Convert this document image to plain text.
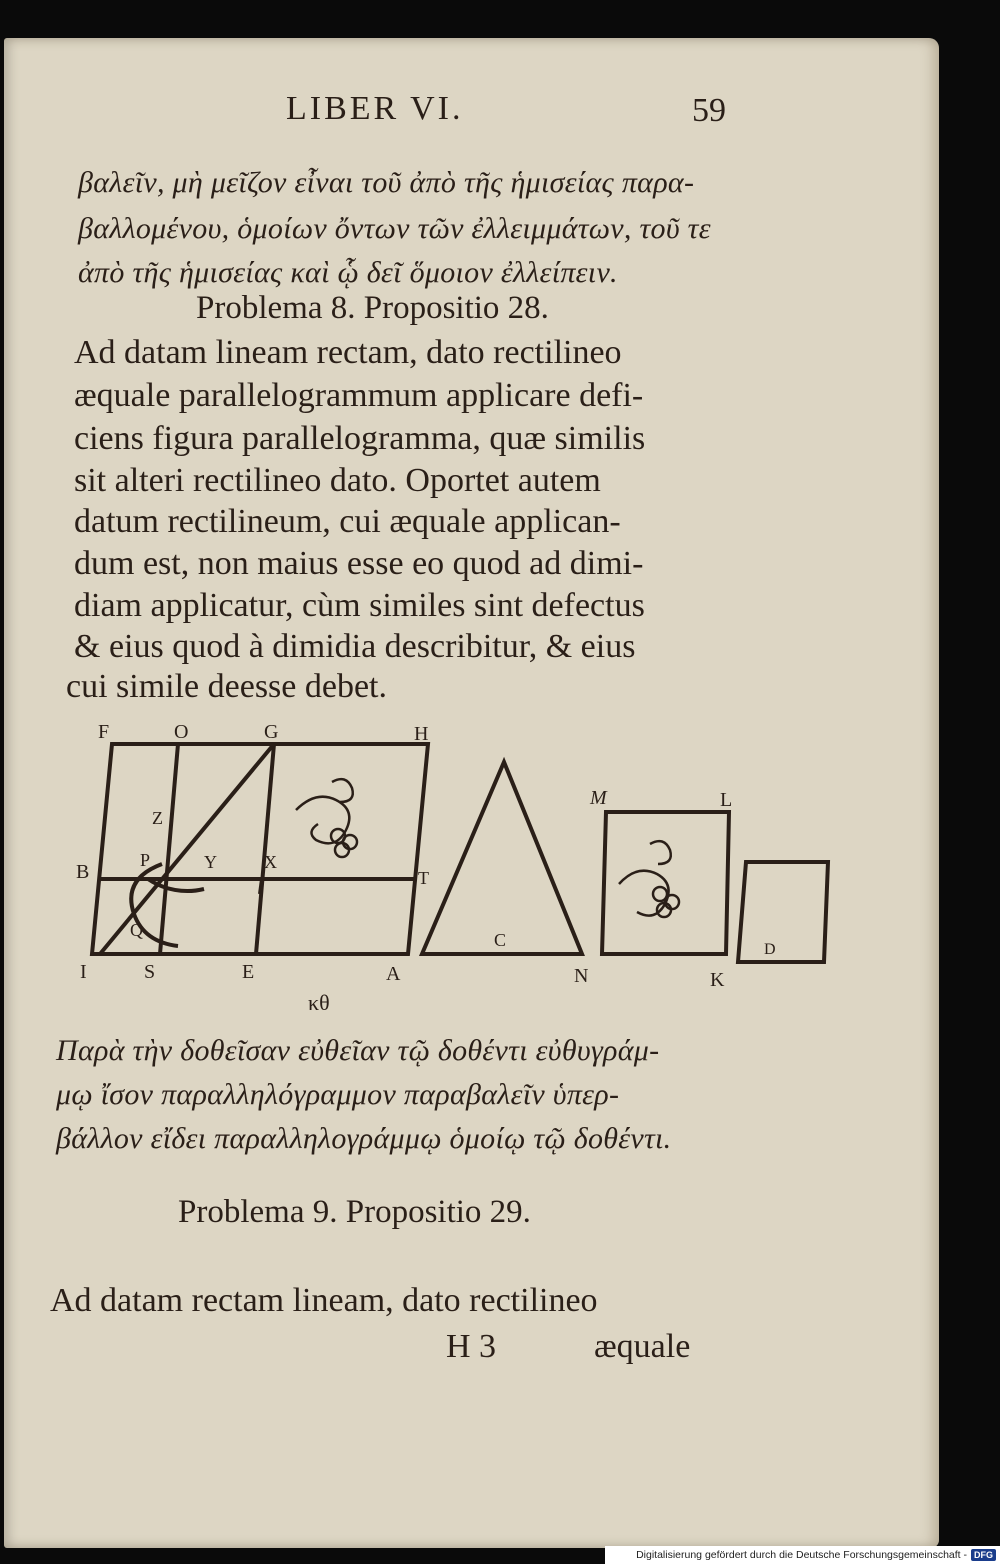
LIBER VI.	59
βαλεῖν, μὴ μεῖζον εἶναι τοῦ ἀπὸ τῆς ἡμισείας παρα-
βαλλομένου, ὁμοίων ὄντων τῶν ἐλλειμμάτων, τοῦ τε
ἀπὸ τῆς ἡμισείας καὶ ᾧ δεῖ ὅμοιον ἐλλείπειν.
Problema 8. Propositio 28.
Ad datam lineam rectam, dato rectilineo
æquale parallelogrammum applicare defi-
ciens figura parallelogramma, quæ similis
sit alteri rectilineo dato. Oportet autem
datum rectilineum, cui æquale applican-
dum est, non maius esse eo quod ad dimi-
diam applicatur, cùm similes sint defectus
& eius quod à dimidia describitur, & eius
cui simile deesse debet.
F	O	G	H
Z
P	Y	X
T
B
Q
I	S	E	A
C
N
M	L
K
D
κθ
Παρὰ τὴν δοθεῖσαν εὐθεῖαν τῷ δοθέντι εὐθυγράμ-
μῳ ἴσον παραλληλόγραμμον παραβαλεῖν ὑπερ-
βάλλον εἴδει παραλληλογράμμῳ ὁμοίῳ τῷ δοθέντι.
Problema 9. Propositio 29.
Ad datam rectam lineam, dato rectilineo
H 3	æquale
Digitalisierung gefördert durch die Deutsche Forschungsgemeinschaft - DFG
